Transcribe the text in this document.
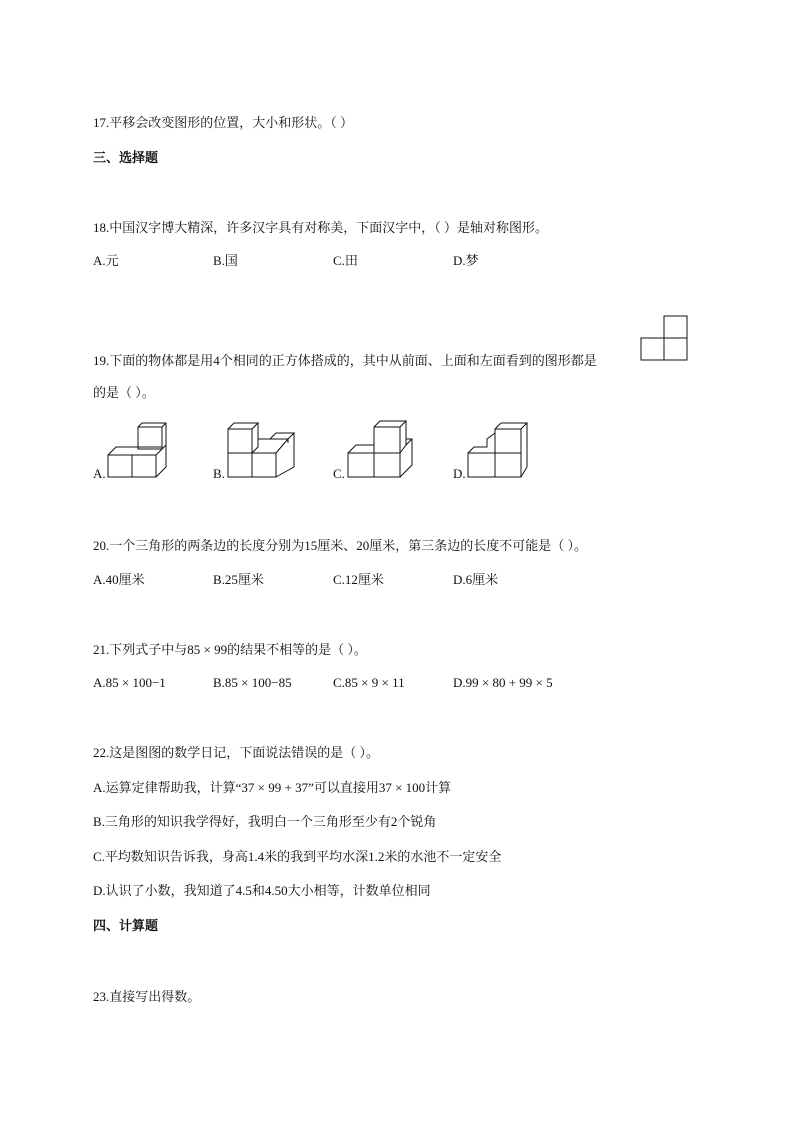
17.平移会改变图形的位置，大小和形状。（ ）
三、选择题
18.中国汉字博大精深，许多汉字具有对称美，下面汉字中，（ ）是轴对称图形。
A.元	B.国	C.田	D.梦
19.下面的物体都是用4个相同的正方体搭成的，其中从前面、上面和左面看到的图形都是
的是（ ）。
A.	B.	C.	D.
20.一个三角形的两条边的长度分别为15厘米、20厘米，第三条边的长度不可能是（ ）。
A.40厘米	B.25厘米	C.12厘米	D.6厘米
21.下列式子中与85 × 99的结果不相等的是（ ）。
A.85 × 100−1	B.85 × 100−85	C.85 × 9 × 11	D.99 × 80 + 99 × 5
22.这是图图的数学日记，下面说法错误的是（ ）。
A.运算定律帮助我，计算“37 × 99 + 37”可以直接用37 × 100计算
B.三角形的知识我学得好，我明白一个三角形至少有2个锐角
C.平均数知识告诉我，身高1.4米的我到平均水深1.2米的水池不一定安全
D.认识了小数，我知道了4.5和4.50大小相等，计数单位相同
四、计算题
23.直接写出得数。
